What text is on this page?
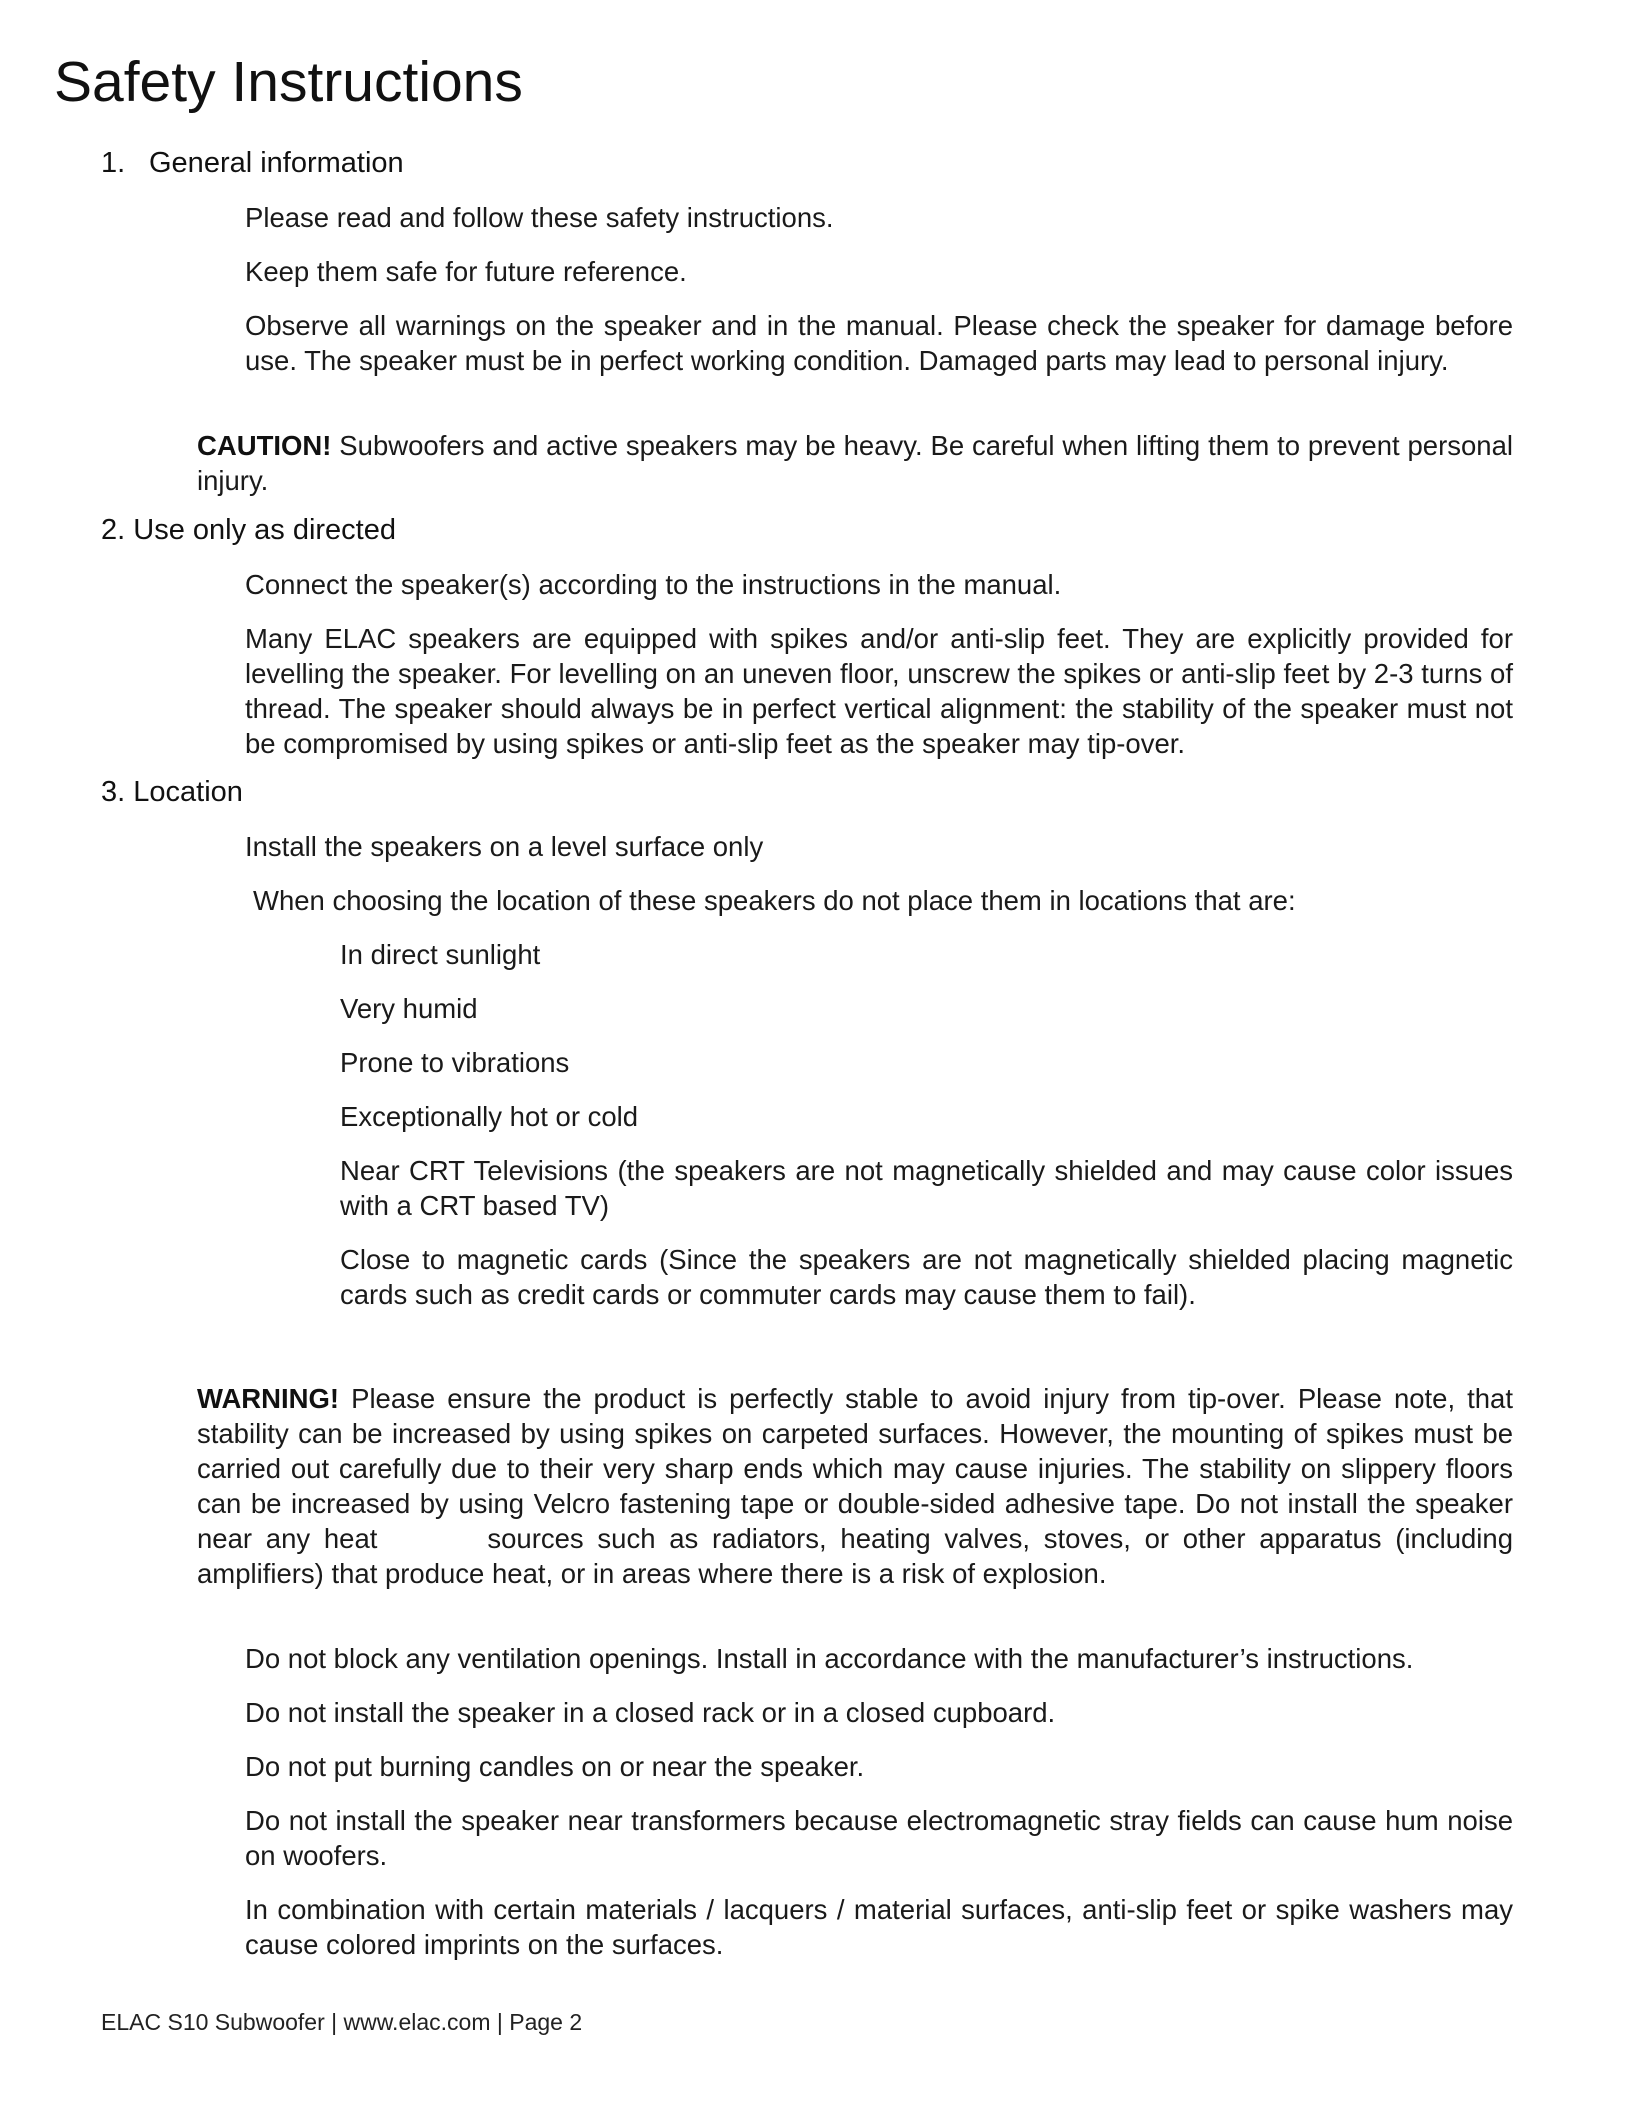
Safety Instructions
1. General information

Please read and follow these safety instructions.

Keep them safe for future reference.

Observe all warnings on the speaker and in the manual. Please check the speaker for damage before use. The speaker must be in perfect working condition. Damaged parts may lead to personal injury.

CAUTION! Subwoofers and active speakers may be heavy. Be careful when lifting them to prevent personal injury.

2. Use only as directed

Connect the speaker(s) according to the instructions in the manual.

Many ELAC speakers are equipped with spikes and/or anti-slip feet. They are explicitly provided for levelling the speaker. For levelling on an uneven floor, unscrew the spikes or anti-slip feet by 2-3 turns of thread. The speaker should always be in perfect vertical alignment: the stability of the speaker must not be compromised by using spikes or anti-slip feet as the speaker may tip-over.

3. Location

Install the speakers on a level surface only

When choosing the location of these speakers do not place them in locations that are:

In direct sunlight

Very humid

Prone to vibrations

Exceptionally hot or cold

Near CRT Televisions (the speakers are not magnetically shielded and may cause color issues with a CRT based TV)

Close to magnetic cards (Since the speakers are not magnetically shielded placing magnetic cards such as credit cards or commuter cards may cause them to fail).

WARNING! Please ensure the product is perfectly stable to avoid injury from tip-over. Please note, that stability can be increased by using spikes on carpeted surfaces. However, the mounting of spikes must be carried out carefully due to their very sharp ends which may cause injuries. The stability on slippery floors can be increased by using Velcro fastening tape or double-sided adhesive tape. Do not install the speaker near any heat        sources such as radiators, heating valves, stoves, or other apparatus (including amplifiers) that produce heat, or in areas where there is a risk of explosion.

Do not block any ventilation openings. Install in accordance with the manufacturer’s instructions.

Do not install the speaker in a closed rack or in a closed cupboard.

Do not put burning candles on or near the speaker.

Do not install the speaker near transformers because electromagnetic stray fields can cause hum noise on woofers.

In combination with certain materials / lacquers / material surfaces, anti-slip feet or spike washers may cause colored imprints on the surfaces.

ELAC S10 Subwoofer | www.elac.com | Page 2
